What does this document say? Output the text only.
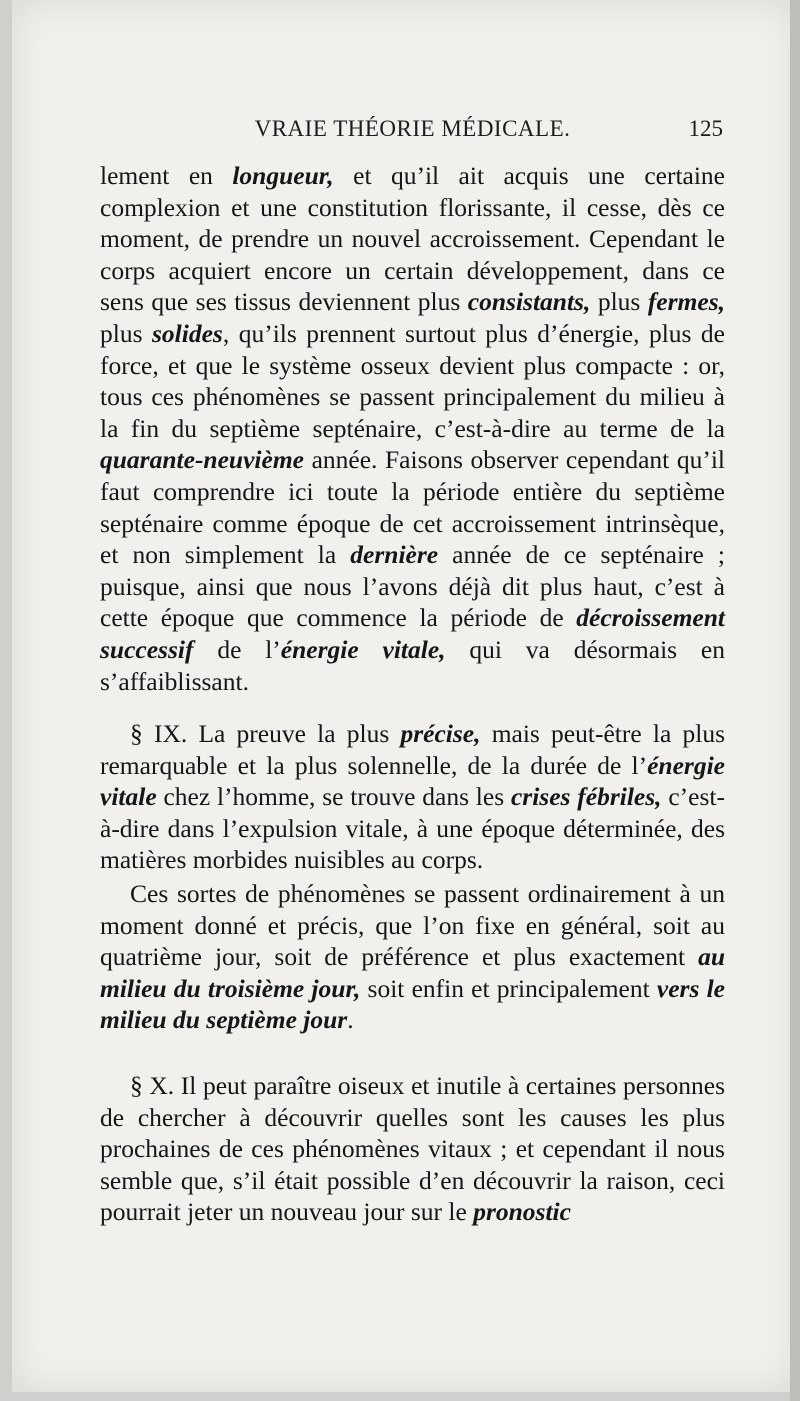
VRAIE THÉORIE MÉDICALE.	125

lement en longueur, et qu’il ait acquis une certaine complexion et une constitution florissante, il cesse, dès ce moment, de prendre un nouvel accroissement. Cependant le corps acquiert encore un certain développement, dans ce sens que ses tissus deviennent plus consistants, plus fermes, plus solides, qu’ils prennent surtout plus d’énergie, plus de force, et que le système osseux devient plus compacte : or, tous ces phénomènes se passent principalement du milieu à la fin du septième septénaire, c’est-à-dire au terme de la quarante-neuvième année. Faisons observer cependant qu’il faut comprendre ici toute la période entière du septième septénaire comme époque de cet accroissement intrinsèque, et non simplement la dernière année de ce septénaire ; puisque, ainsi que nous l’avons déjà dit plus haut, c’est à cette époque que commence la période de décroissement successif de l’énergie vitale, qui va désormais en s’affaiblissant.

§ IX. La preuve la plus précise, mais peut-être la plus remarquable et la plus solennelle, de la durée de l’énergie vitale chez l’homme, se trouve dans les crises fébriles, c’est-à-dire dans l’expulsion vitale, à une époque déterminée, des matières morbides nuisibles au corps.

Ces sortes de phénomènes se passent ordinairement à un moment donné et précis, que l’on fixe en général, soit au quatrième jour, soit de préférence et plus exactement au milieu du troisième jour, soit enfin et principalement vers le milieu du septième jour.

§ X. Il peut paraître oiseux et inutile à certaines personnes de chercher à découvrir quelles sont les causes les plus prochaines de ces phénomènes vitaux ; et cependant il nous semble que, s’il était possible d’en découvrir la raison, ceci pourrait jeter un nouveau jour sur le pronostic
